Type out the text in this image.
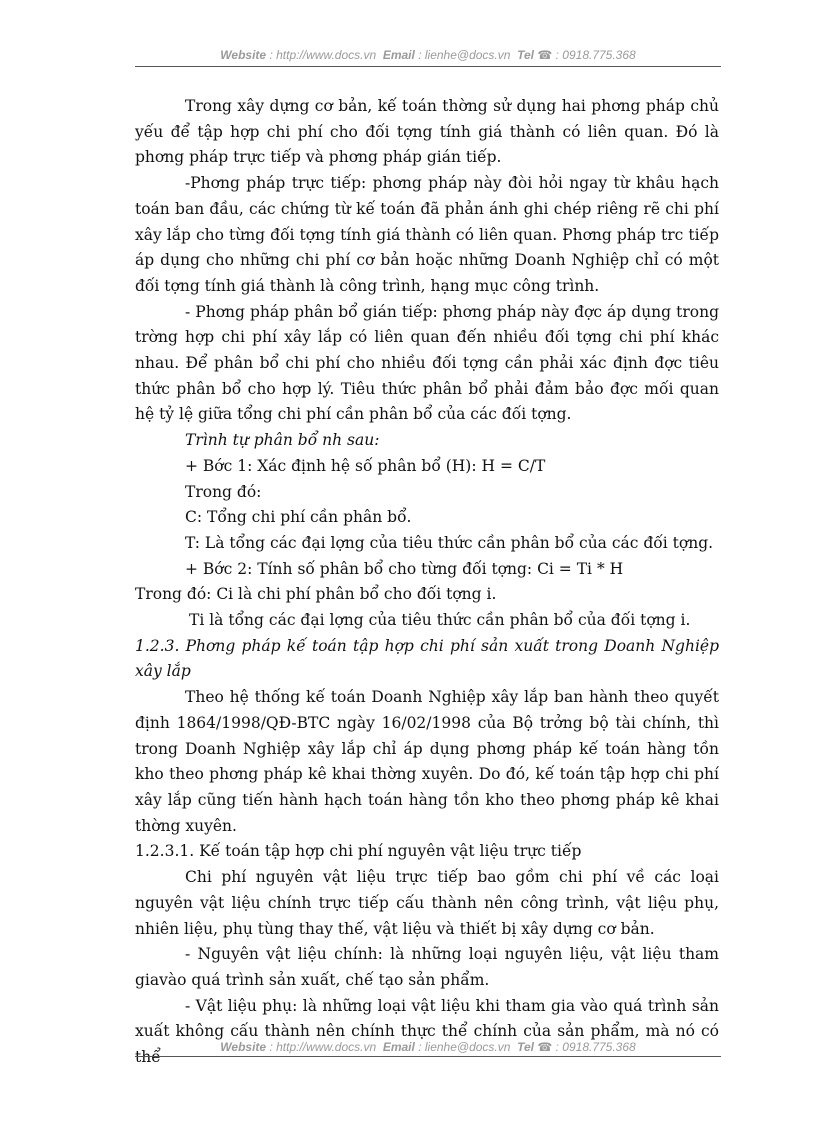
Website : http://www.docs.vn Email : lienhe@docs.vn Tel ☎ : 0918.775.368

Trong xây dựng cơ bản, kế toán thờng sử dụng hai phơng pháp chủ yếu để tập hợp chi phí cho đối tợng tính giá thành có liên quan. Đó là phơng pháp trực tiếp và phơng pháp gián tiếp.

-Phơng pháp trực tiếp: phơng pháp này đòi hỏi ngay từ khâu hạch toán ban đầu, các chứng từ kế toán đã phản ánh ghi chép riêng rẽ chi phí xây lắp cho từng đối tợng tính giá thành có liên quan. Phơng pháp trc tiếp áp dụng cho những chi phí cơ bản hoặc những Doanh Nghiệp chỉ có một đối tợng tính giá thành là công trình, hạng mục công trình.

- Phơng pháp phân bổ gián tiếp: phơng pháp này đợc áp dụng trong trờng hợp chi phí xây lắp có liên quan đến nhiều đối tợng chi phí khác nhau. Để phân bổ chi phí cho nhiều đối tợng cần phải xác định đợc tiêu thức phân bổ cho hợp lý. Tiêu thức phân bổ phải đảm bảo đợc mối quan hệ tỷ lệ giữa tổng chi phí cần phân bổ của các đối tợng.

Trình tự phân bổ nh sau:

+ Bớc 1: Xác định hệ số phân bổ (H): H = C/T

Trong đó:

C: Tổng chi phí cần phân bổ.

T: Là tổng các đại lợng của tiêu thức cần phân bổ của các đối tợng.

+ Bớc 2: Tính số phân bổ cho từng đối tợng: Ci = Ti * H

Trong đó: Ci là chi phí phân bổ cho đối tợng i.

Ti là tổng các đại lợng của tiêu thức cần phân bổ của đối tợng i.

1.2.3. Phơng pháp kế toán tập hợp chi phí sản xuất trong Doanh Nghiệp xây lắp

Theo hệ thống kế toán Doanh Nghiệp xây lắp ban hành theo quyết định 1864/1998/QĐ-BTC ngày 16/02/1998 của Bộ trởng bộ tài chính, thì trong Doanh Nghiệp xây lắp chỉ áp dụng phơng pháp kế toán hàng tồn kho theo phơng pháp kê khai thờng xuyên. Do đó, kế toán tập hợp chi phí xây lắp cũng tiến hành hạch toán hàng tồn kho theo phơng pháp kê khai thờng xuyên.

1.2.3.1. Kế toán tập hợp chi phí nguyên vật liệu trực tiếp

Chi phí nguyên vật liệu trực tiếp bao gồm chi phí về các loại nguyên vật liệu chính trực tiếp cấu thành nên công trình, vật liệu phụ, nhiên liệu, phụ tùng thay thế, vật liệu và thiết bị xây dựng cơ bản.

- Nguyên vật liệu chính: là những loại nguyên liệu, vật liệu tham giavào quá trình sản xuất, chế tạo sản phẩm.

- Vật liệu phụ: là những loại vật liệu khi tham gia vào quá trình sản xuất không cấu thành nên chính thực thể chính của sản phẩm, mà nó có thể

Website : http://www.docs.vn Email : lienhe@docs.vn Tel ☎ : 0918.775.368
